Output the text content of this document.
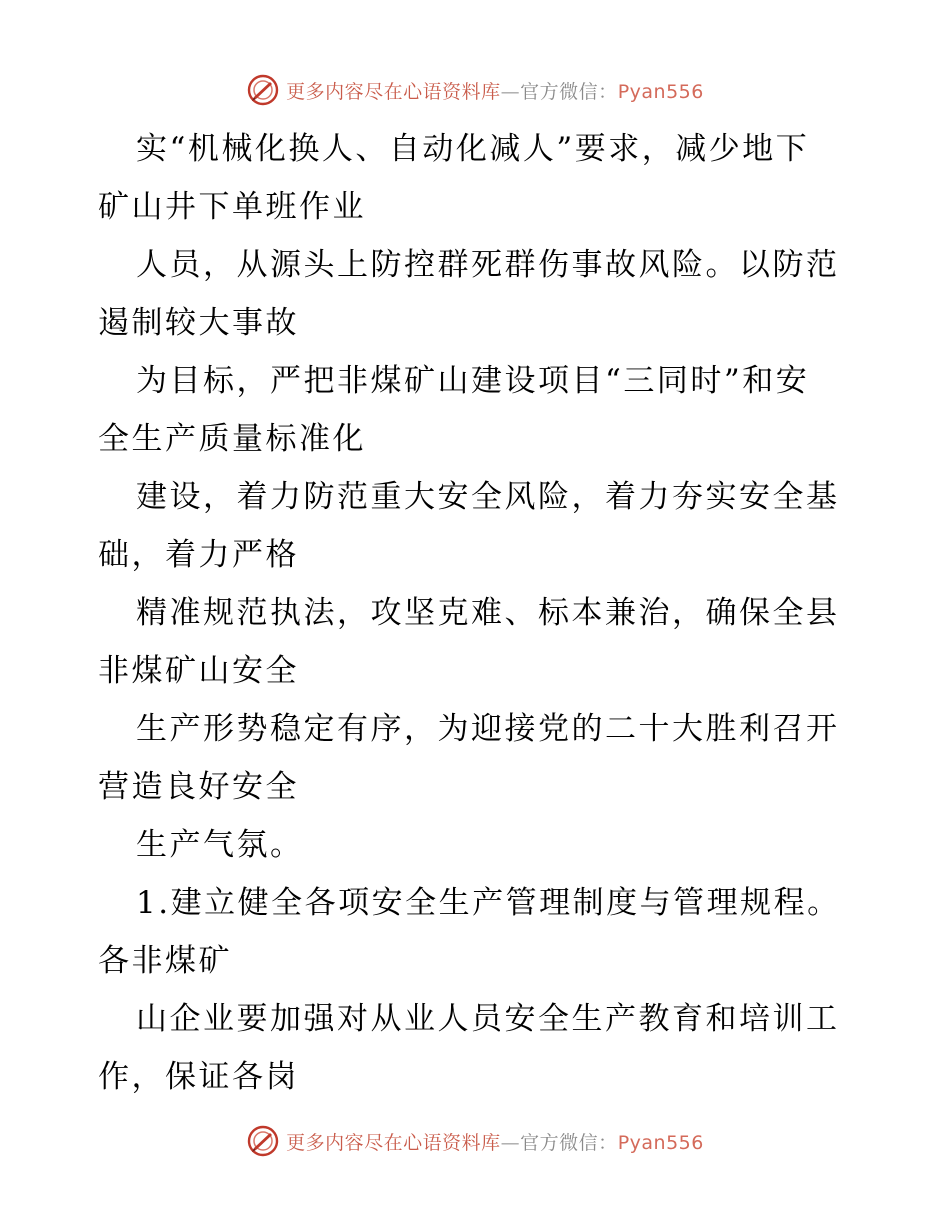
更多内容尽在心语资料库—官方微信：Pyan556
实“机械化换人、自动化减人”要求，减少地下
矿山井下单班作业
人员，从源头上防控群死群伤事故风险。以防范
遏制较大事故
为目标，严把非煤矿山建设项目“三同时”和安
全生产质量标准化
建设，着力防范重大安全风险，着力夯实安全基
础，着力严格
精准规范执法，攻坚克难、标本兼治，确保全县
非煤矿山安全
生产形势稳定有序，为迎接党的二十大胜利召开
营造良好安全
生产气氛。
1.建立健全各项安全生产管理制度与管理规程。
各非煤矿
山企业要加强对从业人员安全生产教育和培训工
作，保证各岗
更多内容尽在心语资料库—官方微信：Pyan556
